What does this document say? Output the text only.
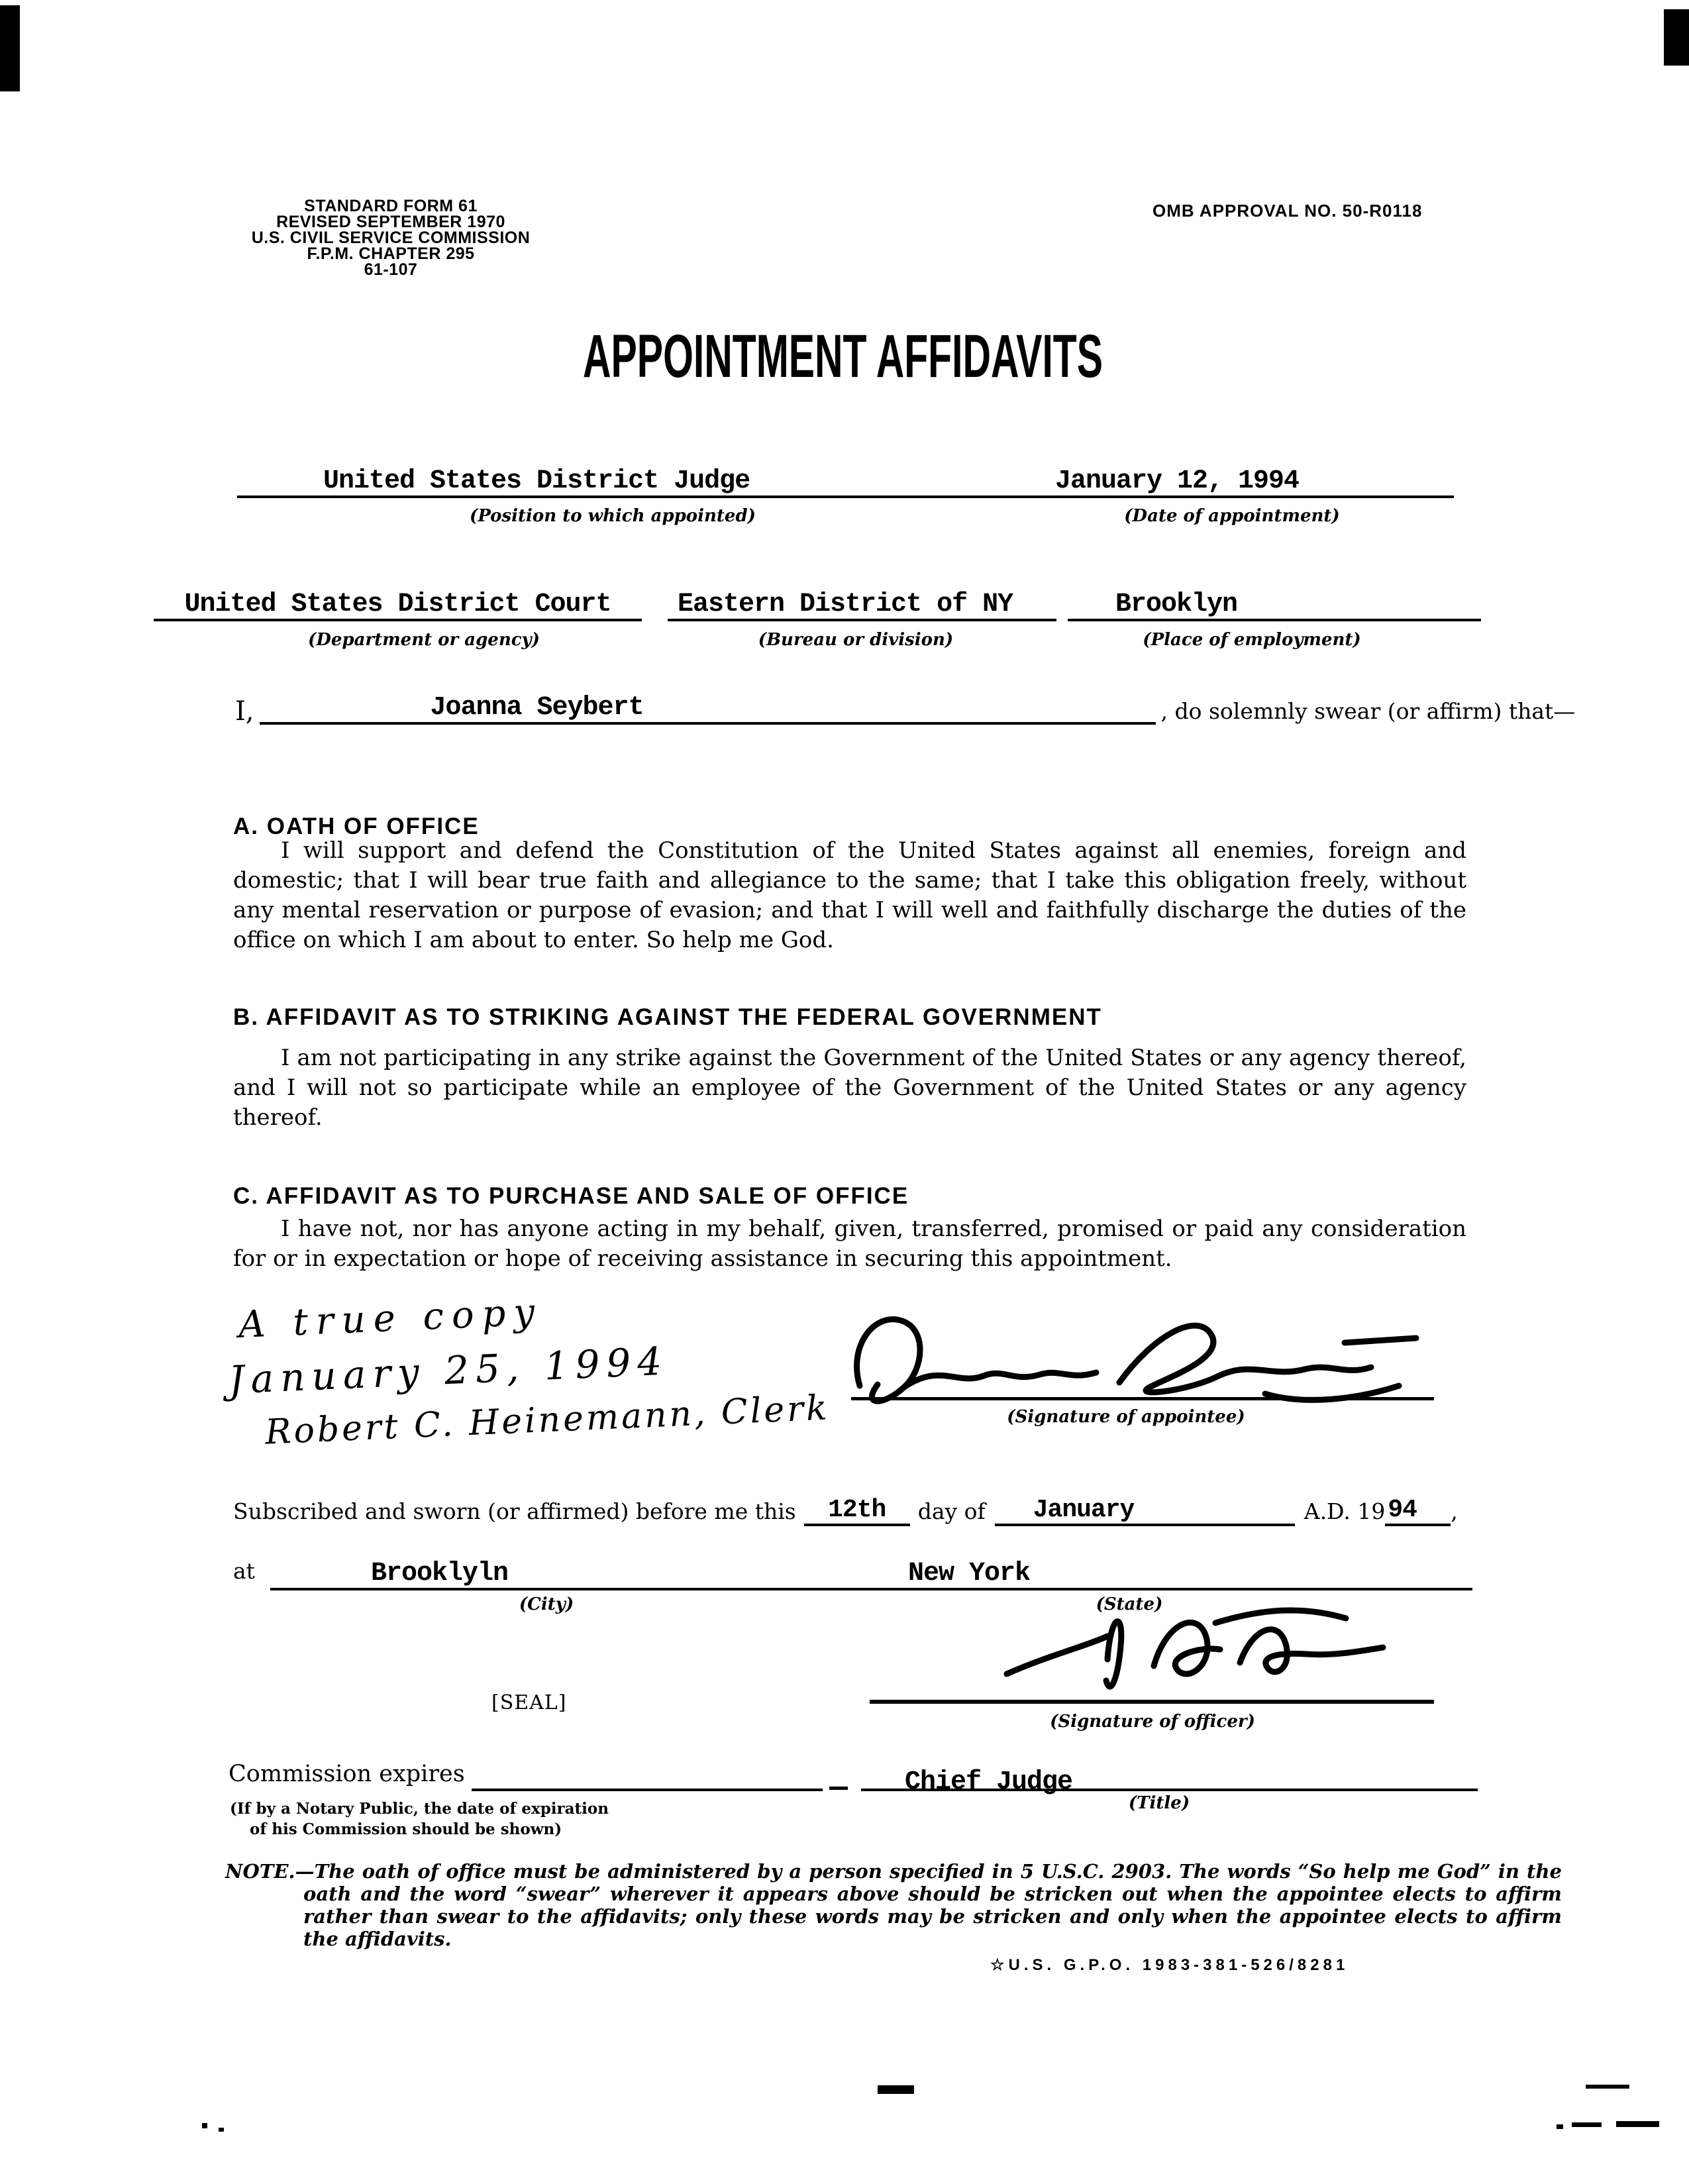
STANDARD FORM 61
REVISED SEPTEMBER 1970
U.S. CIVIL SERVICE COMMISSION
F.P.M. CHAPTER 295
61-107
OMB APPROVAL NO. 50-R0118
APPOINTMENT AFFIDAVITS
United States District Judge	January 12, 1994
(Position to which appointed)	(Date of appointment)
United States District Court	Eastern District of NY	Brooklyn
(Department or agency)	(Bureau or division)	(Place of employment)
I,	Joanna Seybert	, do solemnly swear (or affirm) that—
A. OATH OF OFFICE
I will support and defend the Constitution of the United States against all enemies, foreign and domestic; that I will bear true faith and allegiance to the same; that I take this obligation freely, without any mental reservation or purpose of evasion; and that I will well and faithfully discharge the duties of the office on which I am about to enter. So help me God.
B. AFFIDAVIT AS TO STRIKING AGAINST THE FEDERAL GOVERNMENT
I am not participating in any strike against the Government of the United States or any agency thereof, and I will not so participate while an employee of the Government of the United States or any agency thereof.
C. AFFIDAVIT AS TO PURCHASE AND SALE OF OFFICE
I have not, nor has anyone acting in my behalf, given, transferred, promised or paid any consideration for or in expectation or hope of receiving assistance in securing this appointment.
A true copy
January 25, 1994
Robert C. Heinemann, Clerk	(Signature of appointee)
Subscribed and sworn (or affirmed) before me this 12th day of January	A.D. 19 94 ,
at	Brooklyln	New York
(City)	(State)
(Signature of officer)
[SEAL]
Commission expires	Chief Judge
(Title)
(If by a Notary Public, the date of expiration
of his Commission should be shown)
NOTE.—The oath of office must be administered by a person specified in 5 U.S.C. 2903. The words “So help me God” in the oath and the word “swear” wherever it appears above should be stricken out when the appointee elects to affirm rather than swear to the affidavits; only these words may be stricken and only when the appointee elects to affirm the affidavits.
☆U.S. G.P.O. 1983-381-526/8281
